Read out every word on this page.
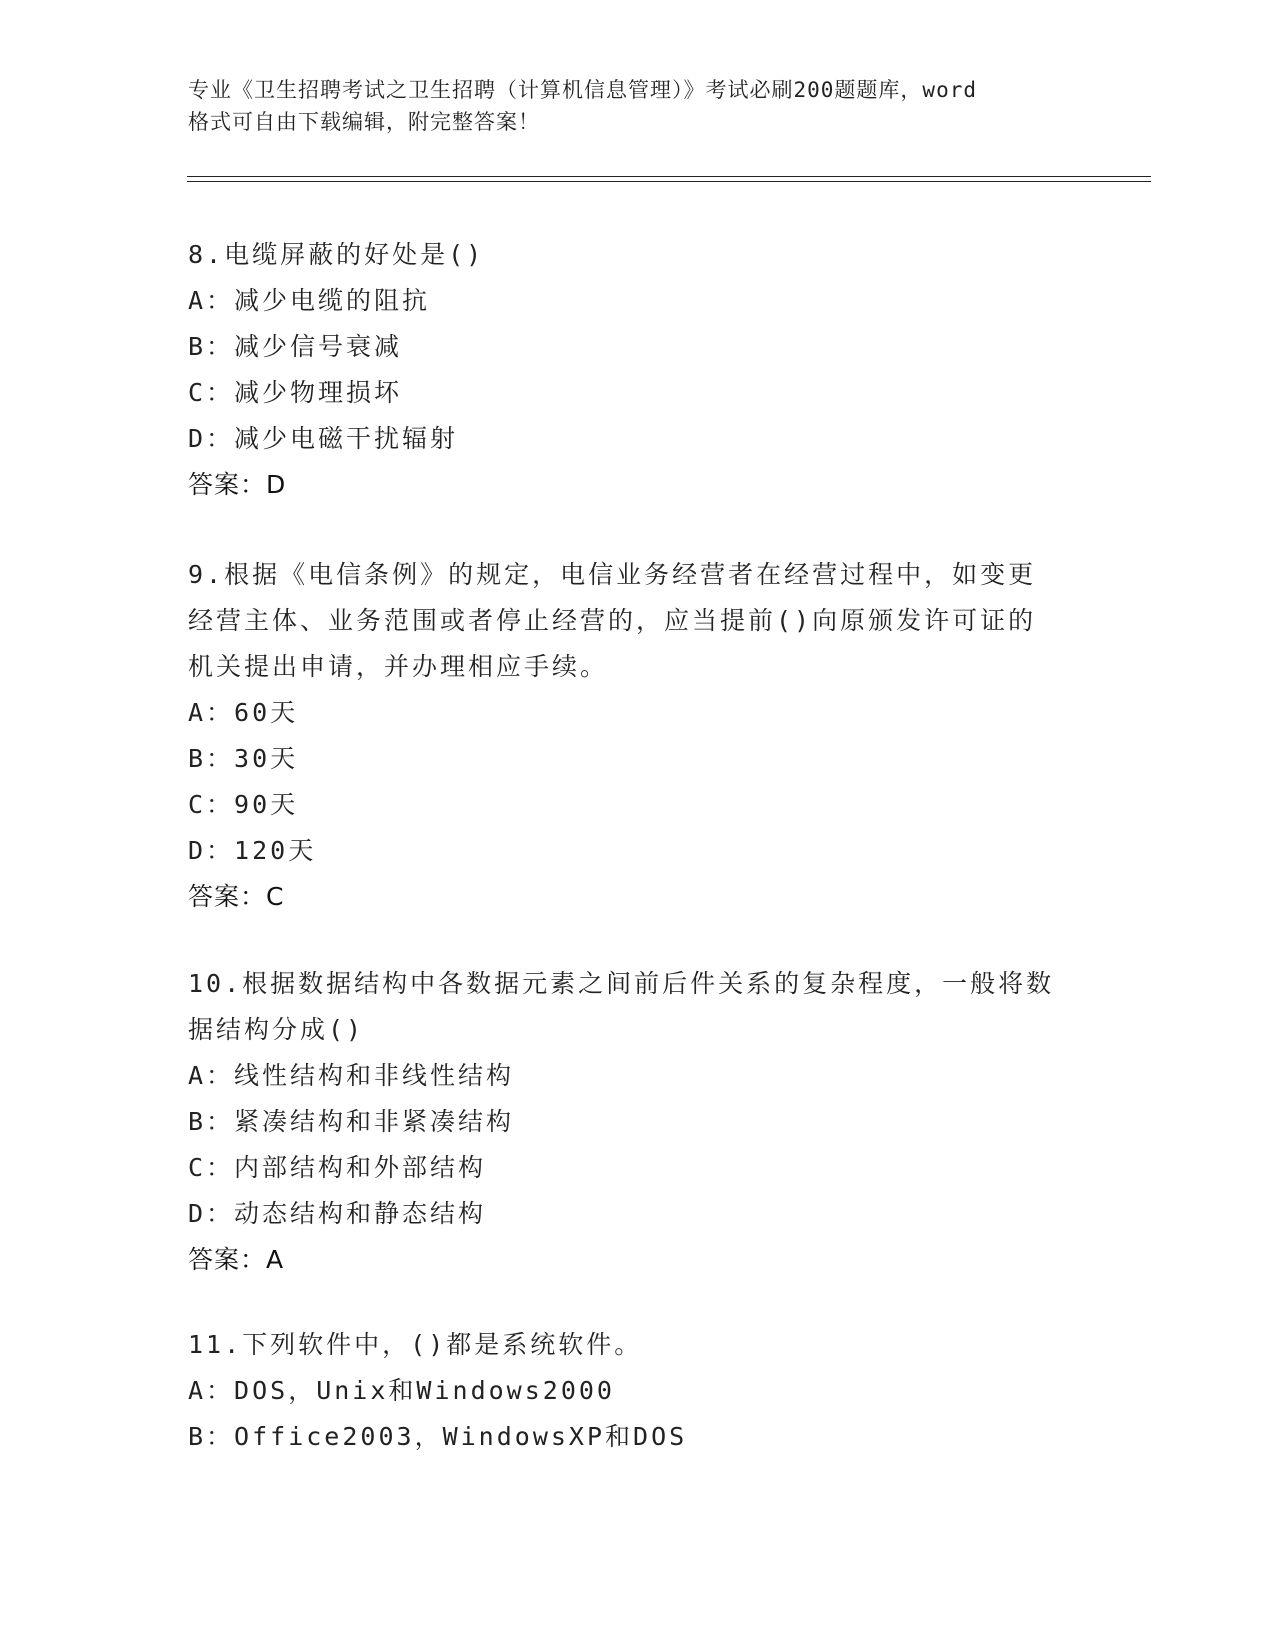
专业《卫生招聘考试之卫生招聘（计算机信息管理）》考试必刷200题题库，word
格式可自由下载编辑，附完整答案！
8.电缆屏蔽的好处是()
A：减少电缆的阻抗
B：减少信号衰减
C：减少物理损坏
D：减少电磁干扰辐射
答案：D
9.根据《电信条例》的规定，电信业务经营者在经营过程中，如变更
经营主体、业务范围或者停止经营的，应当提前()向原颁发许可证的
机关提出申请，并办理相应手续。
A：60天
B：30天
C：90天
D：120天
答案：C
10.根据数据结构中各数据元素之间前后件关系的复杂程度，一般将数
据结构分成()
A：线性结构和非线性结构
B：紧凑结构和非紧凑结构
C：内部结构和外部结构
D：动态结构和静态结构
答案：A
11.下列软件中，()都是系统软件。
A：DOS，Unix和Windows2000
B：Office2003，WindowsXP和DOS
